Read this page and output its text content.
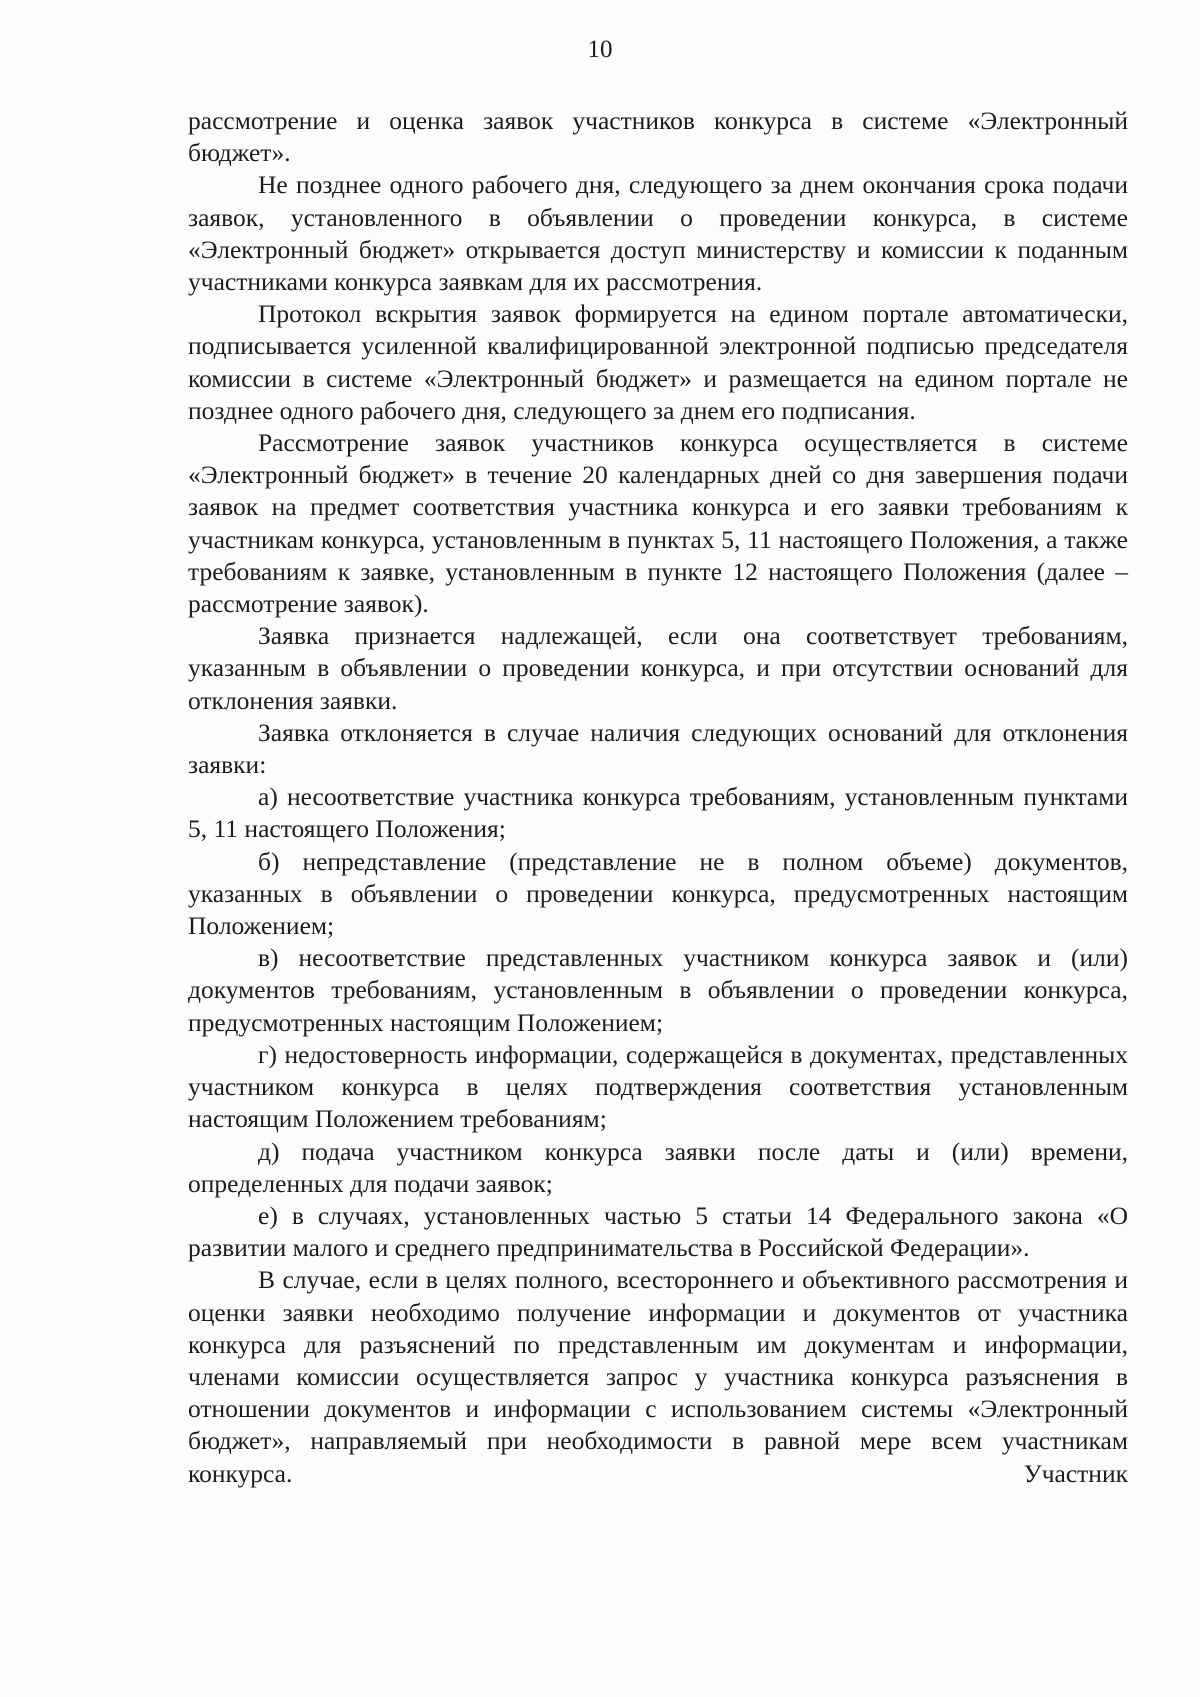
10

рассмотрение и оценка заявок участников конкурса в системе «Электронный бюджет».

Не позднее одного рабочего дня, следующего за днем окончания срока подачи заявок, установленного в объявлении о проведении конкурса, в системе «Электронный бюджет» открывается доступ министерству и комиссии к поданным участниками конкурса заявкам для их рассмотрения.

Протокол вскрытия заявок формируется на едином портале автоматически, подписывается усиленной квалифицированной электронной подписью председателя комиссии в системе «Электронный бюджет» и размещается на едином портале не позднее одного рабочего дня, следующего за днем его подписания.

Рассмотрение заявок участников конкурса осуществляется в системе «Электронный бюджет» в течение 20 календарных дней со дня завершения подачи заявок на предмет соответствия участника конкурса и его заявки требованиям к участникам конкурса, установленным в пунктах 5, 11 настоящего Положения, а также требованиям к заявке, установленным в пункте 12 настоящего Положения (далее – рассмотрение заявок).

Заявка признается надлежащей, если она соответствует требованиям, указанным в объявлении о проведении конкурса, и при отсутствии оснований для отклонения заявки.

Заявка отклоняется в случае наличия следующих оснований для отклонения заявки:

а) несоответствие участника конкурса требованиям, установленным пунктами 5, 11 настоящего Положения;

б) непредставление (представление не в полном объеме) документов, указанных в объявлении о проведении конкурса, предусмотренных настоящим Положением;

в) несоответствие представленных участником конкурса заявок и (или) документов требованиям, установленным в объявлении о проведении конкурса, предусмотренных настоящим Положением;

г) недостоверность информации, содержащейся в документах, представленных участником конкурса в целях подтверждения соответствия установленным настоящим Положением требованиям;

д) подача участником конкурса заявки после даты и (или) времени, определенных для подачи заявок;

е) в случаях, установленных частью 5 статьи 14 Федерального закона «О развитии малого и среднего предпринимательства в Российской Федерации».

В случае, если в целях полного, всестороннего и объективного рассмотрения и оценки заявки необходимо получение информации и документов от участника конкурса для разъяснений по представленным им документам и информации, членами комиссии осуществляется запрос у участника конкурса разъяснения в отношении документов и информации с использованием системы «Электронный бюджет», направляемый при необходимости в равной мере всем участникам конкурса. Участник
